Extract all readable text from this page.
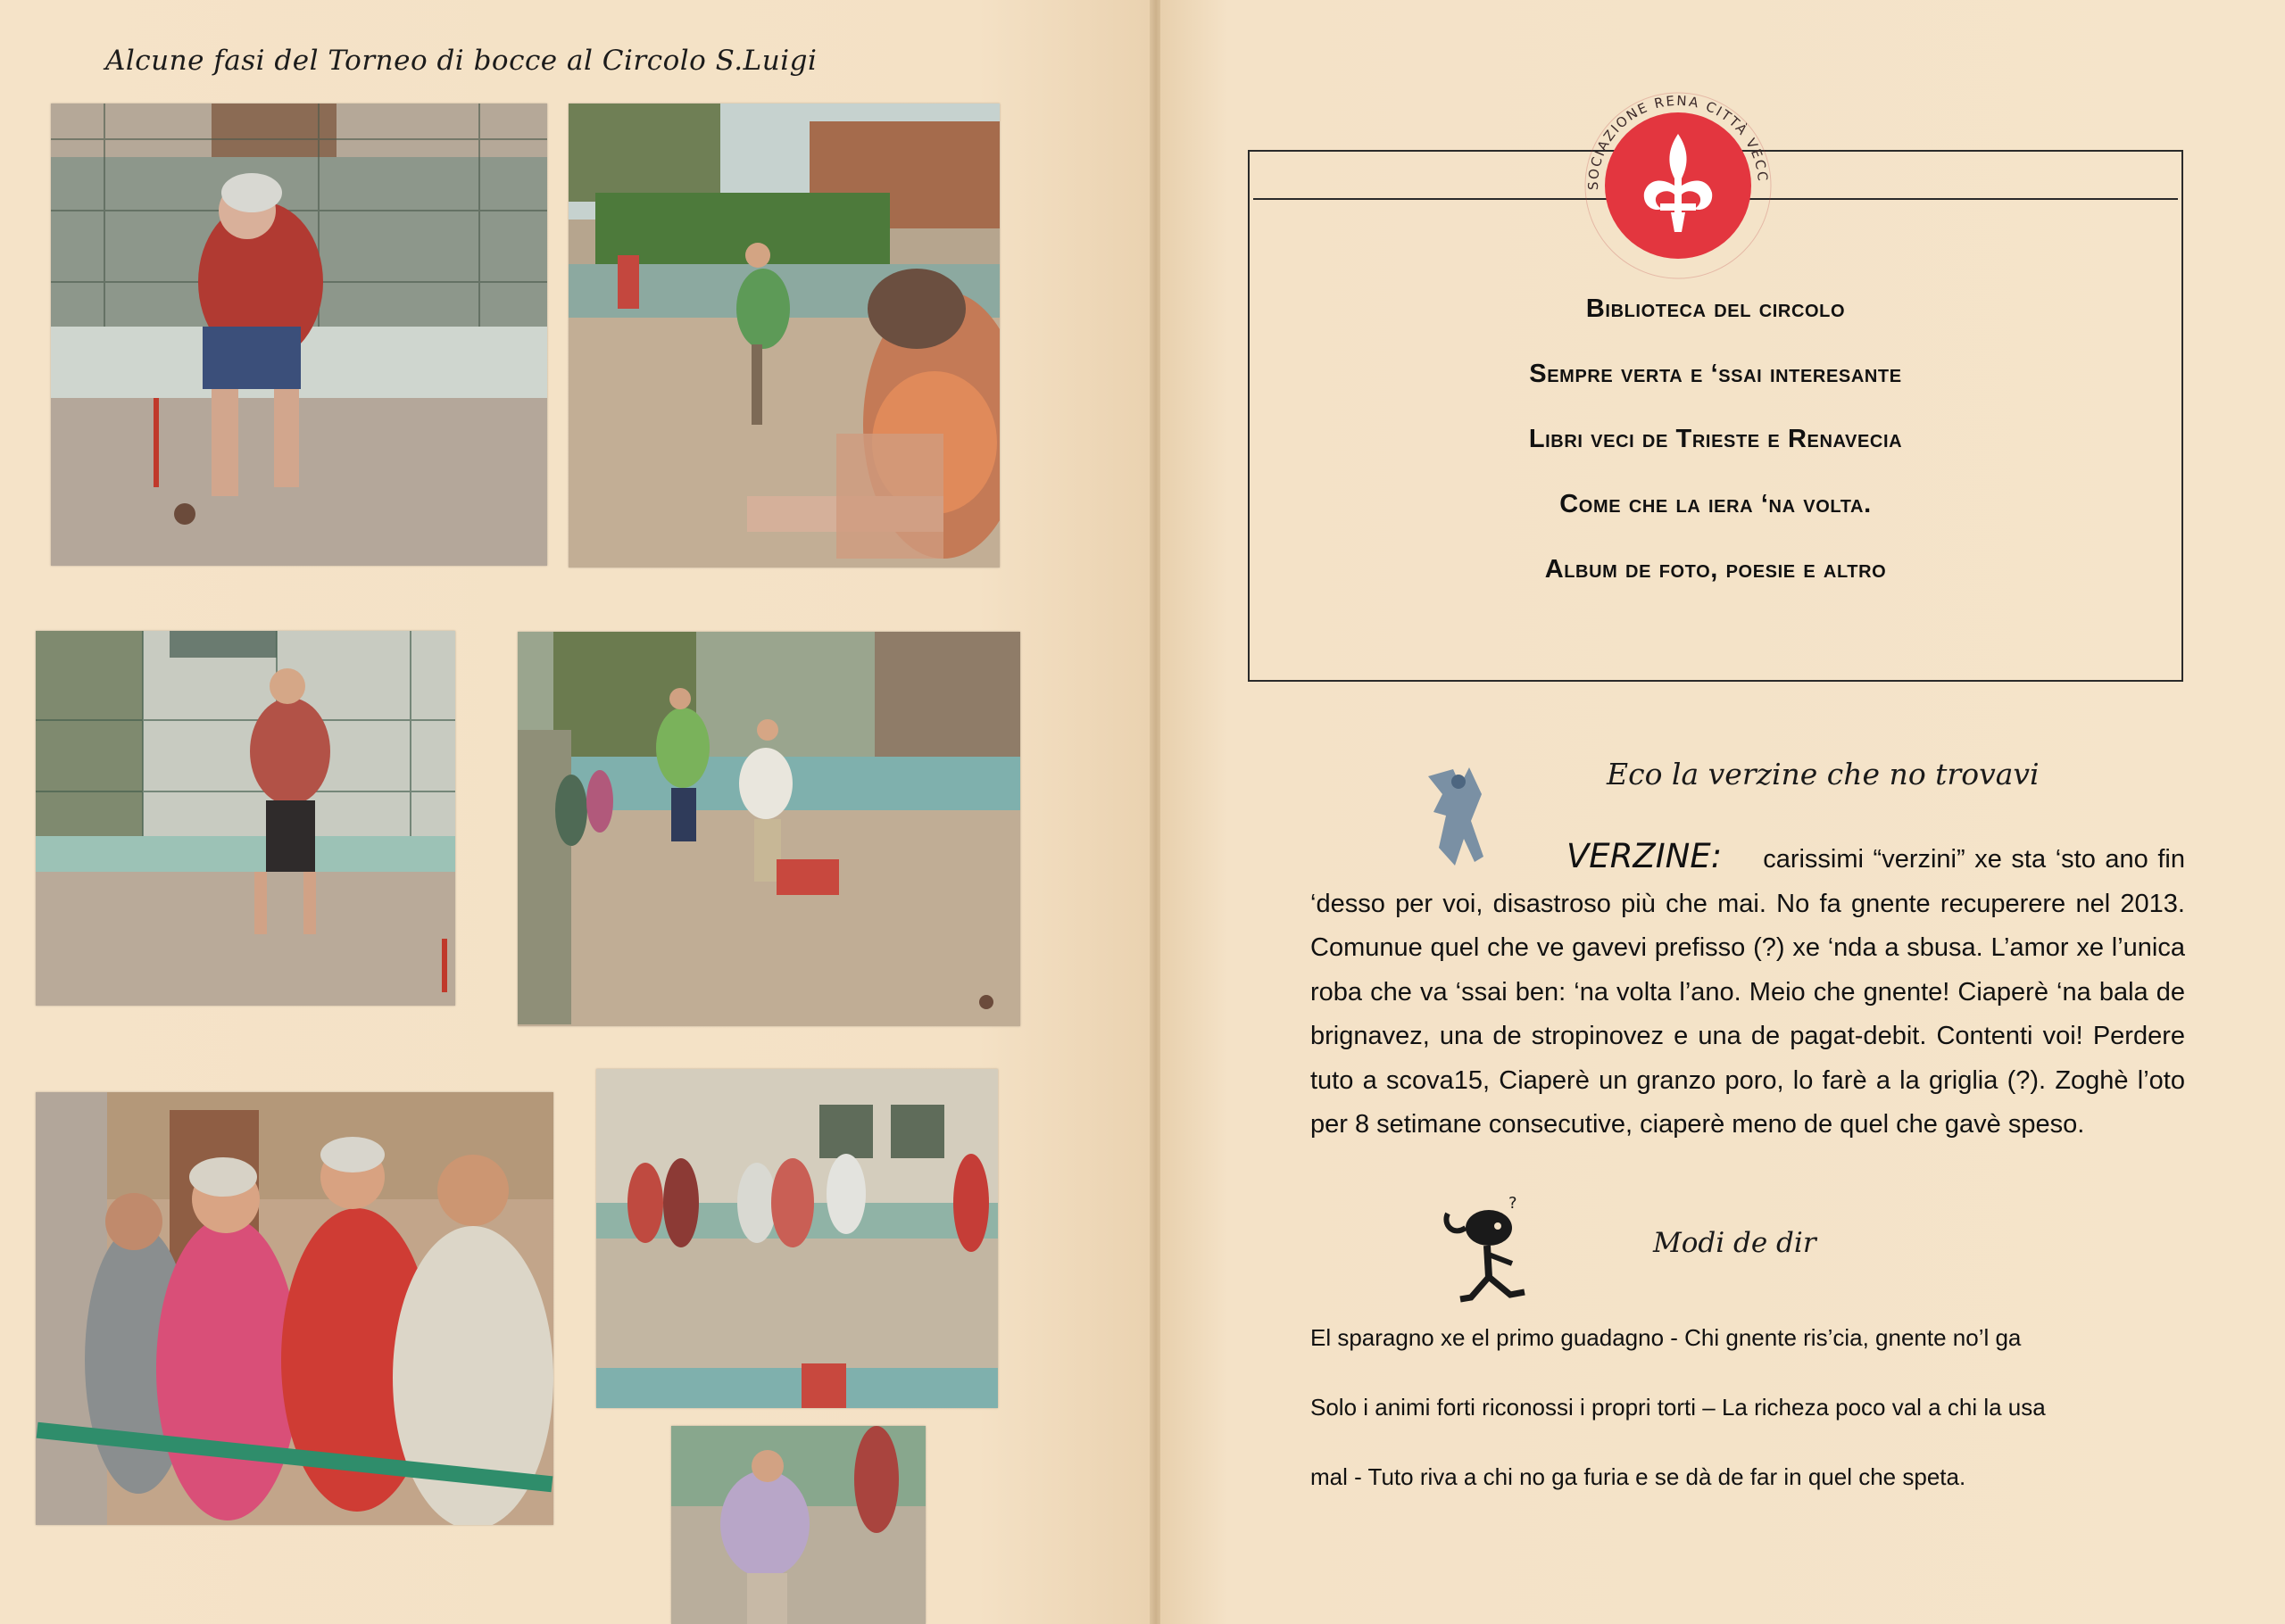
Alcune fasi del Torneo di bocce al Circolo S.Luigi
Biblioteca del circolo
Sempre verta e ‘ssai interesante
Libri veci de Trieste e Renavecia
Come che la iera ‘na volta.
Album de foto, poesie e altro
SOCIAZIONE RENA CITTÀ VECC
Eco la verzine che no trovavi
VERZINE: carissimi “verzini” xe sta ‘sto ano fin ‘desso per voi, disastroso più che mai. No fa gnente recuperere nel 2013. Comunue quel che ve gavevi prefisso (?) xe ‘nda a sbusa. L’amor xe l’unica roba che va ‘ssai ben: ‘na volta l’ano. Meio che gnente! Ciaperè ‘na bala de brignavez, una de stropinovez e una de pagat-debit. Contenti voi! Perdere tuto a scova15, Ciaperè un granzo poro, lo farè a la griglia (?). Zoghè l’oto per 8 setimane consecutive, ciaperè meno de quel che gavè speso.
?
Modi de dir
El sparagno xe el primo guadagno - Chi gnente ris’cia, gnente no’l ga
Solo i animi forti riconossi i propri torti – La richeza poco val a chi la usa
mal - Tuto riva a chi no ga furia e se dà de far in quel che speta.
